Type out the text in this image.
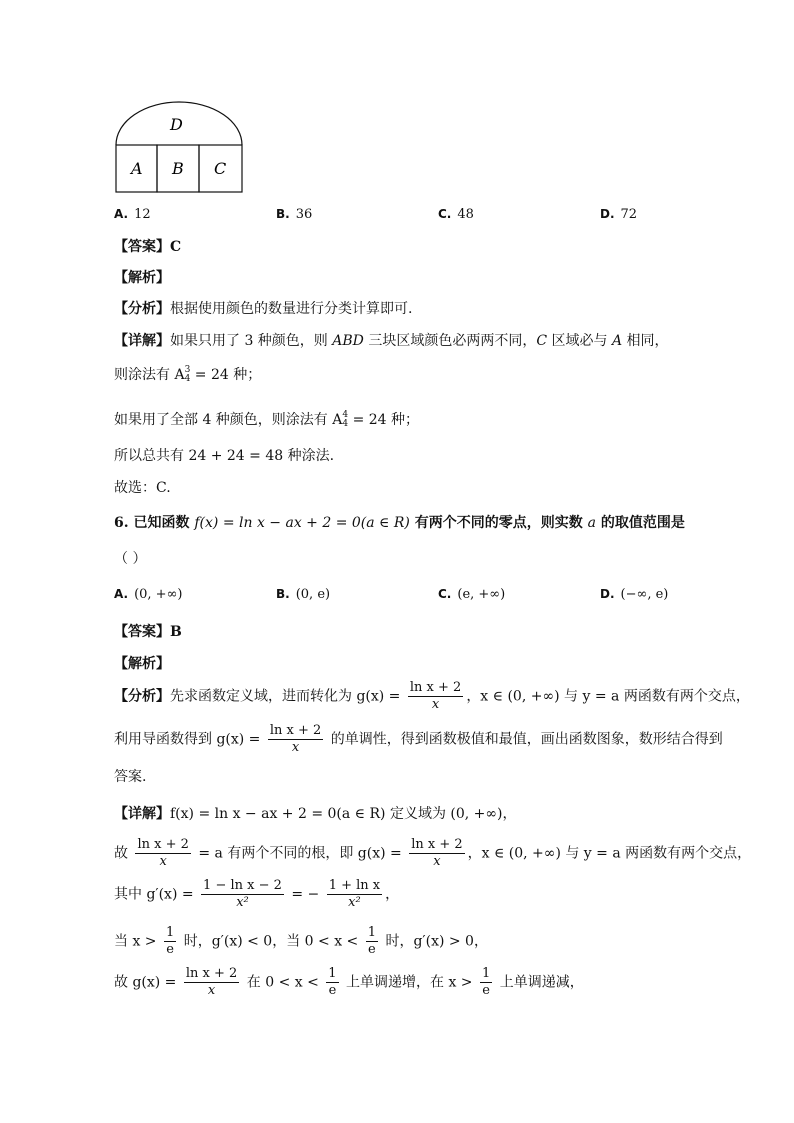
D
A B C
A. 12	B. 36	C. 48	D. 72
【答案】C
【解析】
【分析】根据使用颜色的数量进行分类计算即可.
【详解】如果只用了 3 种颜色，则 ABD 三块区域颜色必两两不同，C 区域必与 A 相同，
则涂法有 A 3
4 = 24 种；
如果用了全部 4 种颜色，则涂法有 A 4
4 = 24 种；
所以总共有 24 + 24 = 48 种涂法.
故选：C.
6. 已知函数 f(x) = ln x − ax + 2 = 0(a ∈ R) 有两个不同的零点，则实数 a 的取值范围是
（ ）
A. (0, +∞)	B. (0, e)	C. (e, +∞)	D. (−∞, e)
【答案】B
【解析】
【分析】先求函数定义域，进而转化为 $g(x) = \frac{\text{ln x + 2}}{x}$ ，x ∈ (0, +∞) 与 y = a 两函数有两个交点，
利用导函数得到 $g(x) = \frac{\text{ln x + 2}}{x}$ 的单调性，得到函数极值和最值，画出函数图象，数形结合得到
答案.
【详解】f(x) = ln x − ax + 2 = 0(a ∈ R) 定义域为 (0, +∞)，
故 $\frac{\text{ln x + 2}}{x} = a$ 有两个不同的根，即 $g(x) = \frac{\text{ln x + 2}}{x}$ ，x ∈ (0, +∞) 与 y = a 两函数有两个交点，
其中 $g'(x) = \frac{\text{1 − ln x − 2}}{\text{x²}}$ = − $\frac{\text{1 + ln x}}{\text{x²}}$ ，
当 $x > \frac{1}{e}$ 时，g′(x) < 0，当 $0 < x < \frac{1}{e}$ 时，g′(x) > 0，
故 $g(x) = \frac{\text{ln x + 2}}{x}$ 在 $0 < x < \frac{1}{e}$ 上单调递增，在 $x > \frac{1}{e}$ 上单调递减，
